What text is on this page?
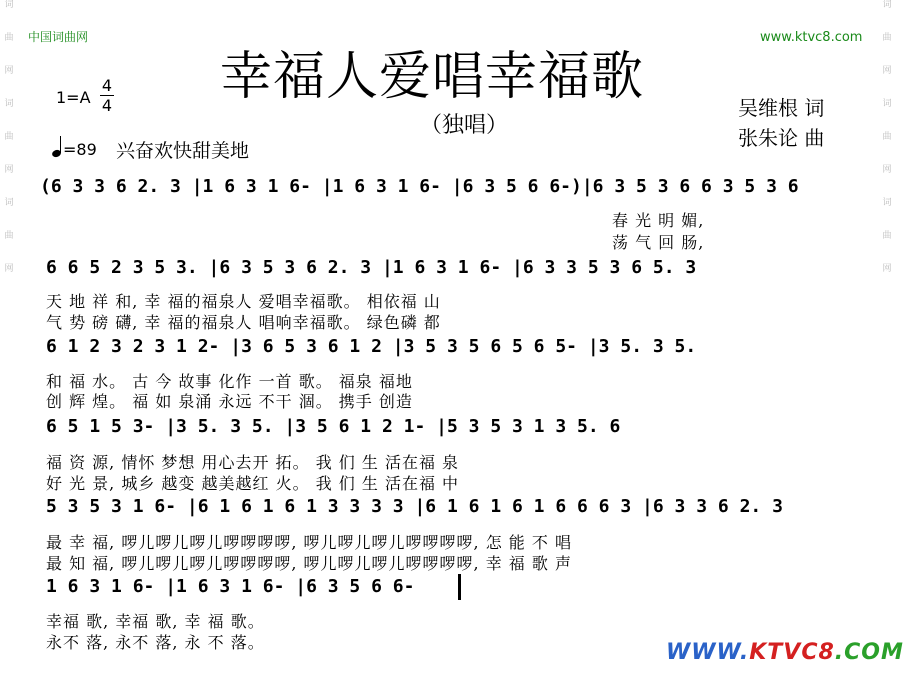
词
曲
网
词
曲
网
词
曲
网
词
曲
网
词
曲
网
词
曲
网
中国词曲网	www.ktvc8.com
幸福人爱唱幸福歌
（独唱）
1=A
4
4
=89 兴奋欢快甜美地
吴维根 词
张朱论 曲
(6 3 3 6 2. 3 |1 6 3 1 6- |1 6 3 1 6- |6 3 5 6 6-)|6 3 5 3 6 6 3 5 3 6
春 光 明 媚,
荡 气 回 肠,
6 6 5 2 3 5 3. |6 3 5 3 6 2. 3 |1 6 3 1 6- |6 3 3 5 3 6 5. 3
天 地 祥 和, 幸 福的福泉人 爱唱幸福歌。 相依福 山
气 势 磅 礴, 幸 福的福泉人 唱响幸福歌。 绿色磷 都
6 1 2 3 2 3 1 2- |3 6 5 3 6 1 2 |3 5 3 5 6 5 6 5- |3 5. 3 5.
和 福 水。 古 今 故事 化作 一首 歌。 福泉 福地
创 辉 煌。 福 如 泉涌 永远 不干 涸。 携手 创造
6 5 1 5 3- |3 5. 3 5. |3 5 6 1 2 1- |5 3 5 3 1 3 5. 6
福 资 源, 情怀 梦想 用心去开 拓。 我 们 生 活在福 泉
好 光 景, 城乡 越变 越美越红 火。 我 们 生 活在福 中
5 3 5 3 1 6- |6 1 6 1 6 1 3 3 3 3 |6 1 6 1 6 1 6 6 6 3 |6 3 3 6 2. 3
最 幸 福, 啰儿啰儿啰儿啰啰啰啰, 啰儿啰儿啰儿啰啰啰啰, 怎 能 不 唱
最 知 福, 啰儿啰儿啰儿啰啰啰啰, 啰儿啰儿啰儿啰啰啰啰, 幸 福 歌 声
1 6 3 1 6- |1 6 3 1 6- |6 3 5 6 6-
幸福 歌, 幸福 歌, 幸 福 歌。
永不 落, 永不 落, 永 不 落。	WWW.KTVC8.COM
